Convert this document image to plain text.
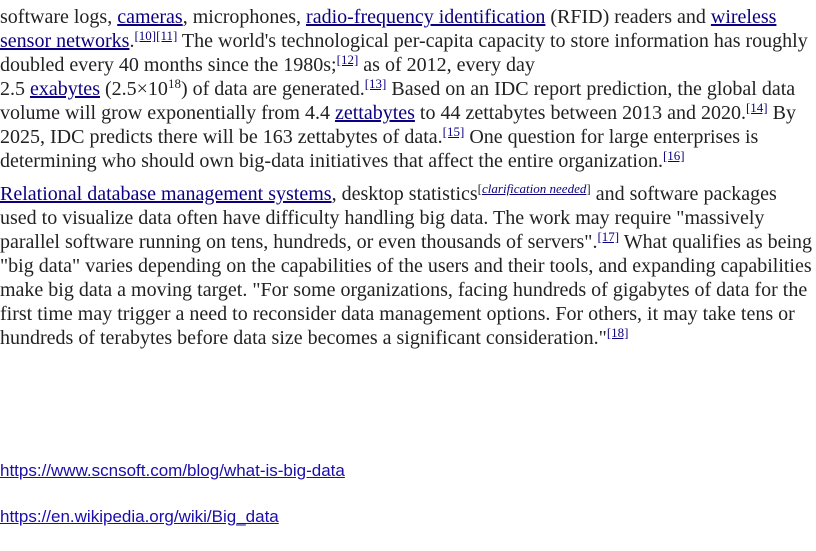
software logs, cameras, microphones, radio-frequency identification (RFID) readers and wireless sensor networks.[10][11] The world's technological per-capita capacity to store information has roughly doubled every 40 months since the 1980s;[12] as of 2012, every day
2.5 exabytes $(2.5\times 10^{18})$ of data are generated.[13] Based on an IDC report prediction, the global data volume will grow exponentially from 4.4 zettabytes to 44 zettabytes between 2013 and 2020.[14] By 2025, IDC predicts there will be 163 zettabytes of data.[15] One question for large enterprises is determining who should own big-data initiatives that affect the entire organization.[16]

Relational database management systems, desktop statistics[clarification needed] and software packages used to visualize data often have difficulty handling big data. The work may require "massively parallel software running on tens, hundreds, or even thousands of servers".[17] What qualifies as being "big data" varies depending on the capabilities of the users and their tools, and expanding capabilities make big data a moving target. "For some organizations, facing hundreds of gigabytes of data for the first time may trigger a need to reconsider data management options. For others, it may take tens or hundreds of terabytes before data size becomes a significant consideration."[18]

https://www.scnsoft.com/blog/what-is-big-data
https://en.wikipedia.org/wiki/Big_data
